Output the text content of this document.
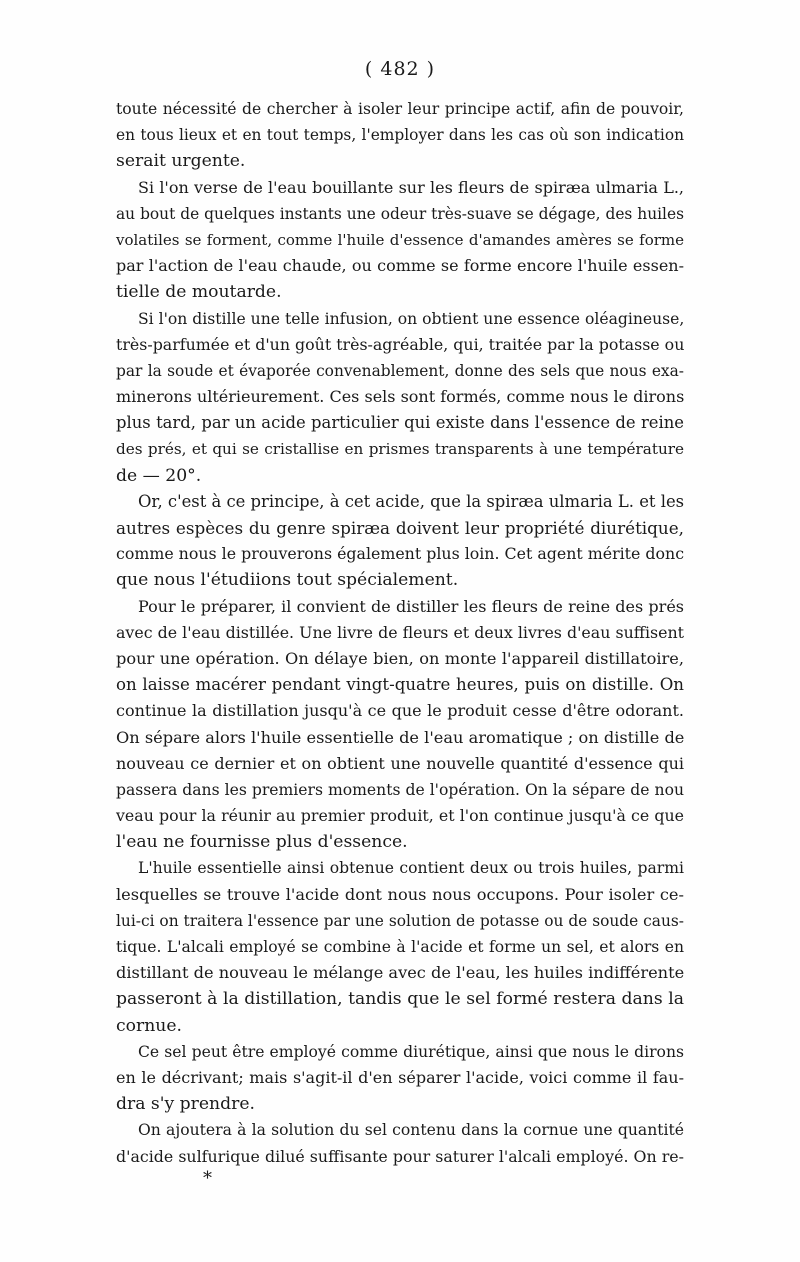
( 482 )
toute nécessité de chercher à isoler leur principe actif, afin de pouvoir,
en tous lieux et en tout temps, l'employer dans les cas où son indication
serait urgente.
Si l'on verse de l'eau bouillante sur les fleurs de spiræa ulmaria L.,
au bout de quelques instants une odeur très-suave se dégage, des huiles
volatiles se forment, comme l'huile d'essence d'amandes amères se forme
par l'action de l'eau chaude, ou comme se forme encore l'huile essen-
tielle de moutarde.
Si l'on distille une telle infusion, on obtient une essence oléagineuse,
très-parfumée et d'un goût très-agréable, qui, traitée par la potasse ou
par la soude et évaporée convenablement, donne des sels que nous exa-
minerons ultérieurement. Ces sels sont formés, comme nous le dirons
plus tard, par un acide particulier qui existe dans l'essence de reine
des prés, et qui se cristallise en prismes transparents à une température
de — 20°.
Or, c'est à ce principe, à cet acide, que la spiræa ulmaria L. et les
autres espèces du genre spiræa doivent leur propriété diurétique,
comme nous le prouverons également plus loin. Cet agent mérite donc
que nous l'étudiions tout spécialement.
Pour le préparer, il convient de distiller les fleurs de reine des prés
avec de l'eau distillée. Une livre de fleurs et deux livres d'eau suffisent
pour une opération. On délaye bien, on monte l'appareil distillatoire,
on laisse macérer pendant vingt-quatre heures, puis on distille. On
continue la distillation jusqu'à ce que le produit cesse d'être odorant.
On sépare alors l'huile essentielle de l'eau aromatique ; on distille de
nouveau ce dernier et on obtient une nouvelle quantité d'essence qui
passera dans les premiers moments de l'opération. On la sépare de nou
veau pour la réunir au premier produit, et l'on continue jusqu'à ce que
l'eau ne fournisse plus d'essence.
L'huile essentielle ainsi obtenue contient deux ou trois huiles, parmi
lesquelles se trouve l'acide dont nous nous occupons. Pour isoler ce-
lui-ci on traitera l'essence par une solution de potasse ou de soude caus-
tique. L'alcali employé se combine à l'acide et forme un sel, et alors en
distillant de nouveau le mélange avec de l'eau, les huiles indifférente
passeront à la distillation, tandis que le sel formé restera dans la
cornue.
Ce sel peut être employé comme diurétique, ainsi que nous le dirons
en le décrivant; mais s'agit-il d'en séparer l'acide, voici comme il fau-
dra s'y prendre.
On ajoutera à la solution du sel contenu dans la cornue une quantité
d'acide sulfurique dilué suffisante pour saturer l'alcali employé. On re-
*
